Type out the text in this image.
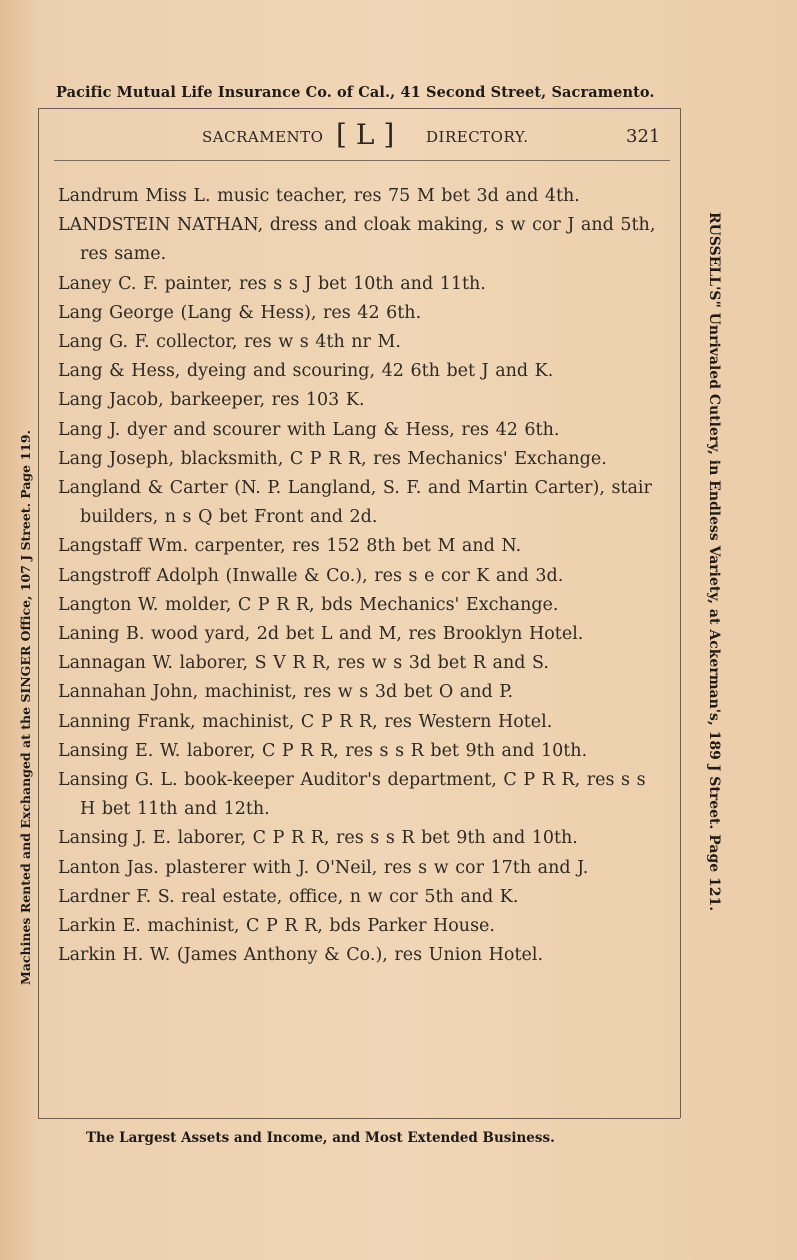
Pacific Mutual Life Insurance Co. of Cal., 41 Second Street, Sacramento.
SACRAMENTO [ L ] DIRECTORY.	321
Landrum Miss L. music teacher, res 75 M bet 3d and 4th.
LANDSTEIN NATHAN, dress and cloak making, s w cor J and 5th, res same.
Laney C. F. painter, res s s J bet 10th and 11th.
Lang George (Lang & Hess), res 42 6th.
Lang G. F. collector, res w s 4th nr M.
Lang & Hess, dyeing and scouring, 42 6th bet J and K.
Lang Jacob, barkeeper, res 103 K.
Lang J. dyer and scourer with Lang & Hess, res 42 6th.
Lang Joseph, blacksmith, C P R R, res Mechanics' Exchange.
Langland & Carter (N. P. Langland, S. F. and Martin Carter), stair builders, n s Q bet Front and 2d.
Langstaff Wm. carpenter, res 152 8th bet M and N.
Langstroff Adolph (Inwalle & Co.), res s e cor K and 3d.
Langton W. molder, C P R R, bds Mechanics' Exchange.
Laning B. wood yard, 2d bet L and M, res Brooklyn Hotel.
Lannagan W. laborer, S V R R, res w s 3d bet R and S.
Lannahan John, machinist, res w s 3d bet O and P.
Lanning Frank, machinist, C P R R, res Western Hotel.
Lansing E. W. laborer, C P R R, res s s R bet 9th and 10th.
Lansing G. L. book-keeper Auditor's department, C P R R, res s s H bet 11th and 12th.
Lansing J. E. laborer, C P R R, res s s R bet 9th and 10th.
Lanton Jas. plasterer with J. O'Neil, res s w cor 17th and J.
Lardner F. S. real estate, office, n w cor 5th and K.
Larkin E. machinist, C P R R, bds Parker House.
Larkin H. W. (James Anthony & Co.), res Union Hotel.
The Largest Assets and Income, and Most Extended Business.
Machines Rented and Exchanged at the SINGER Office, 107 J Street. Page 119.	RUSSELL'S" Unrivaled Cutlery, in Endless Variety, at Ackerman's, 189 J Street. Page 121.
